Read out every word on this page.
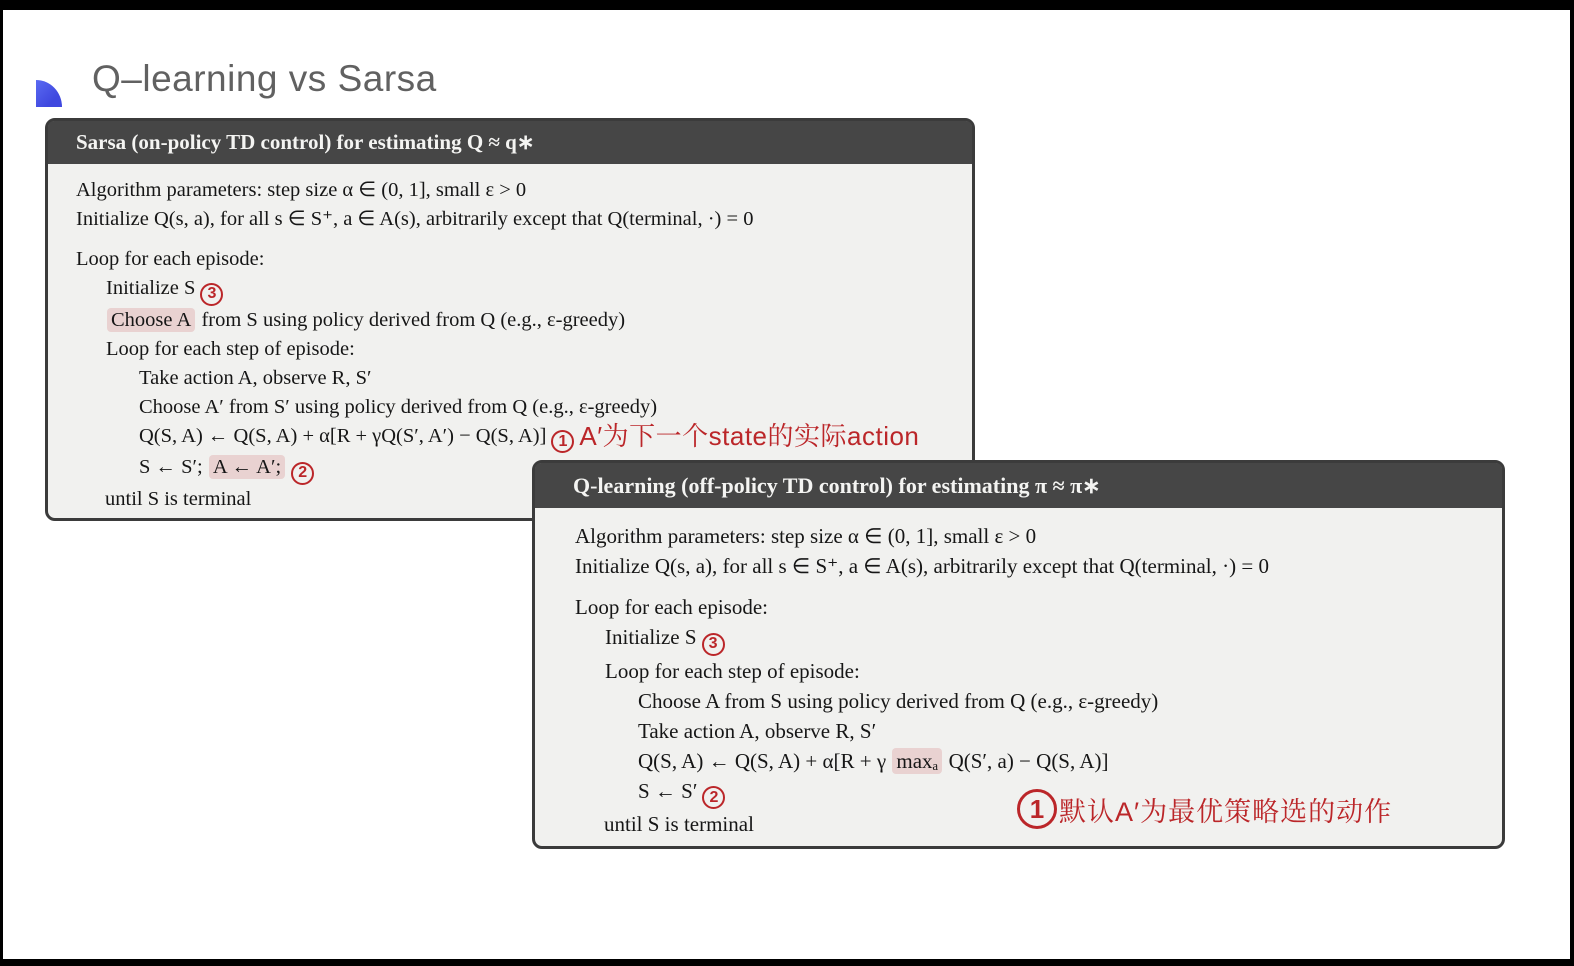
Q–learning vs Sarsa
Sarsa (on-policy TD control) for estimating Q ≈ q∗
Algorithm parameters: step size α ∈ (0, 1], small ε > 0
Initialize Q(s, a), for all s ∈ S⁺, a ∈ A(s), arbitrarily except that Q(terminal, ·) = 0
Loop for each episode:
Initialize S 3
Choose A from S using policy derived from Q (e.g., ε-greedy)
Loop for each step of episode:
Take action A, observe R, S′
Choose A′ from S′ using policy derived from Q (e.g., ε-greedy)
Q(S, A) ← Q(S, A) + α[R + γQ(S′, A′) − Q(S, A)] 1 A′为下一个state的实际action
S ← S′; A ← A′; 2
until S is terminal
Q-learning (off-policy TD control) for estimating π ≈ π∗
Algorithm parameters: step size α ∈ (0, 1], small ε > 0
Initialize Q(s, a), for all s ∈ S⁺, a ∈ A(s), arbitrarily except that Q(terminal, ·) = 0
Loop for each episode:
Initialize S 3
Loop for each step of episode:
Choose A from S using policy derived from Q (e.g., ε-greedy)
Take action A, observe R, S′
Q(S, A) ← Q(S, A) + α[R + γ maxₐ Q(S′, a) − Q(S, A)]
S ← S′ 2
until S is terminal
1 默认A′为最优策略选的动作
